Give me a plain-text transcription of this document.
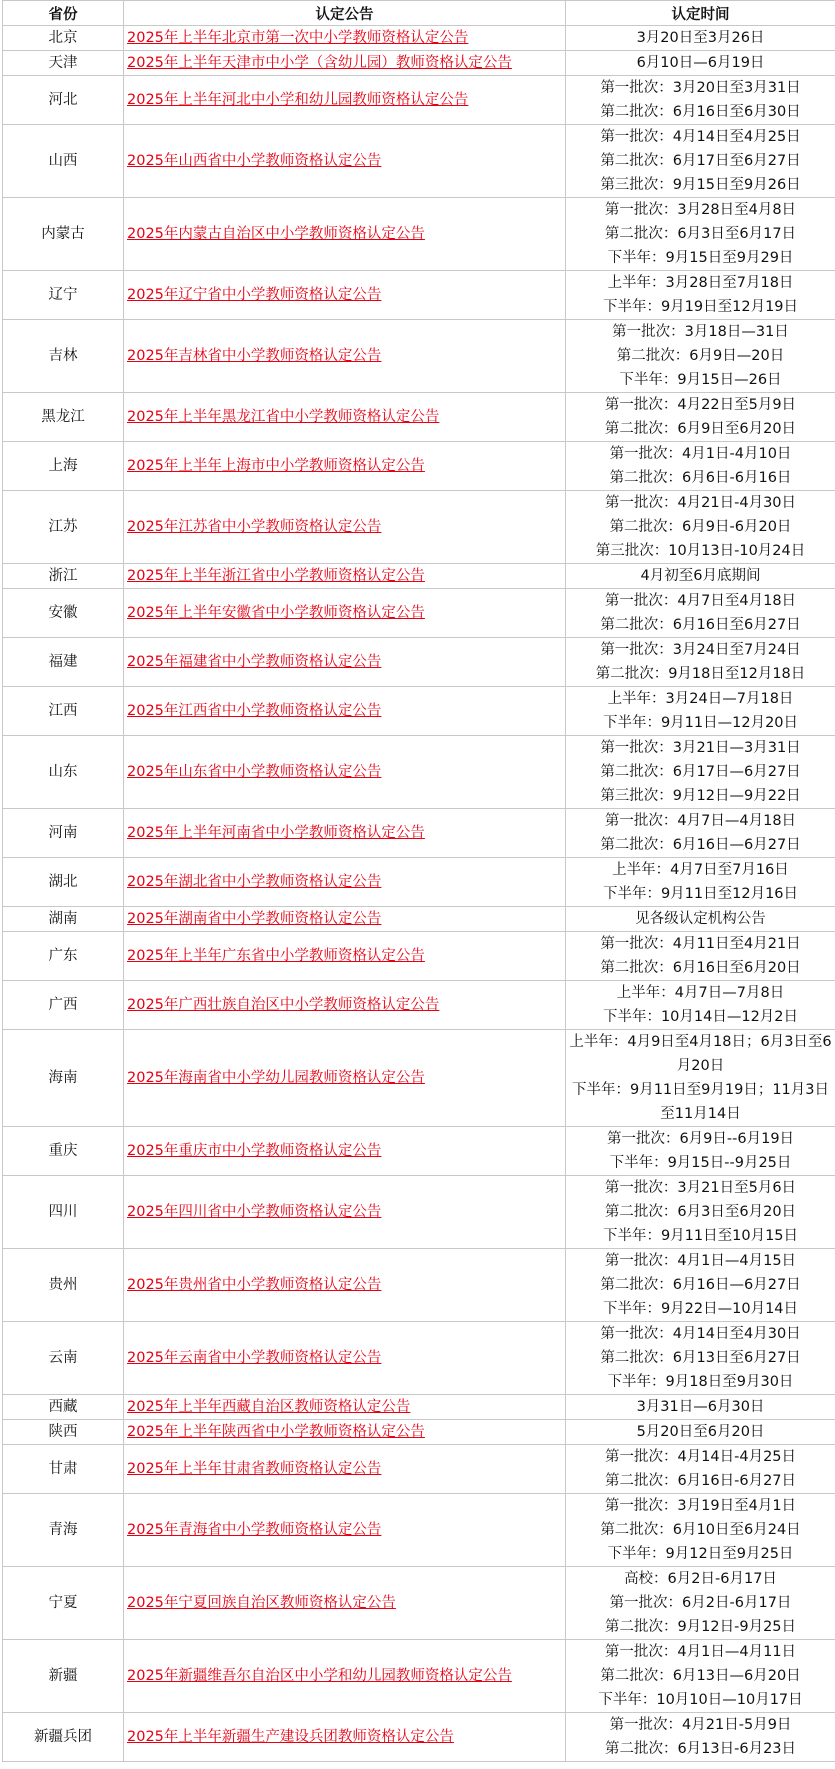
省份	认定公告	认定时间
北京	2025年上半年北京市第一次中小学教师资格认定公告	3月20日至3月26日

天津	2025年上半年天津市中小学（含幼儿园）教师资格认定公告	6月10日—6月19日

河北	2025年上半年河北中小学和幼儿园教师资格认定公告	第一批次：3月20日至3月31日
第二批次：6月16日至6月30日

山西	2025年山西省中小学教师资格认定公告	第一批次：4月14日至4月25日
第二批次：6月17日至6月27日
第三批次：9月15日至9月26日

内蒙古	2025年内蒙古自治区中小学教师资格认定公告	第一批次：3月28日至4月8日
第二批次：6月3日至6月17日
下半年：9月15日至9月29日

辽宁	2025年辽宁省中小学教师资格认定公告	上半年：3月28日至7月18日
下半年：9月19日至12月19日

吉林	2025年吉林省中小学教师资格认定公告	第一批次：3月18日—31日
第二批次：6月9日—20日
下半年：9月15日—26日

黑龙江	2025年上半年黑龙江省中小学教师资格认定公告	第一批次：4月22日至5月9日
第二批次：6月9日至6月20日

上海	2025年上半年上海市中小学教师资格认定公告	第一批次：4月1日-4月10日
第二批次：6月6日-6月16日

江苏	2025年江苏省中小学教师资格认定公告	第一批次：4月21日-4月30日
第二批次：6月9日-6月20日
第三批次：10月13日-10月24日

浙江	2025年上半年浙江省中小学教师资格认定公告	4月初至6月底期间

安徽	2025年上半年安徽省中小学教师资格认定公告	第一批次：4月7日至4月18日
第二批次：6月16日至6月27日

福建	2025年福建省中小学教师资格认定公告	第一批次：3月24日至7月24日
第二批次：9月18日至12月18日

江西	2025年江西省中小学教师资格认定公告	上半年：3月24日—7月18日
下半年：9月11日—12月20日

山东	2025年山东省中小学教师资格认定公告	第一批次：3月21日—3月31日
第二批次：6月17日—6月27日
第三批次：9月12日—9月22日

河南	2025年上半年河南省中小学教师资格认定公告	第一批次：4月7日—4月18日
第二批次：6月16日—6月27日

湖北	2025年湖北省中小学教师资格认定公告	上半年：4月7日至7月16日
下半年：9月11日至12月16日

湖南	2025年湖南省中小学教师资格认定公告	见各级认定机构公告

广东	2025年上半年广东省中小学教师资格认定公告	第一批次：4月11日至4月21日
第二批次：6月16日至6月20日

广西	2025年广西壮族自治区中小学教师资格认定公告	上半年：4月7日—7月8日
下半年：10月14日—12月2日

海南	2025年海南省中小学幼儿园教师资格认定公告	上半年：4月9日至4月18日；6月3日至6月20日
下半年：9月11日至9月19日；11月3日至11月14日

重庆	2025年重庆市中小学教师资格认定公告	第一批次：6月9日--6月19日
下半年：9月15日--9月25日

四川	2025年四川省中小学教师资格认定公告	第一批次：3月21日至5月6日
第二批次：6月3日至6月20日
下半年：9月11日至10月15日

贵州	2025年贵州省中小学教师资格认定公告	第一批次：4月1日—4月15日
第二批次：6月16日—6月27日
下半年：9月22日—10月14日

云南	2025年云南省中小学教师资格认定公告	第一批次：4月14日至4月30日
第二批次：6月13日至6月27日
下半年：9月18日至9月30日

西藏	2025年上半年西藏自治区教师资格认定公告	3月31日—6月30日

陕西	2025年上半年陕西省中小学教师资格认定公告	5月20日至6月20日

甘肃	2025年上半年甘肃省教师资格认定公告	第一批次：4月14日-4月25日
第二批次：6月16日-6月27日

青海	2025年青海省中小学教师资格认定公告	第一批次：3月19日至4月1日
第二批次：6月10日至6月24日
下半年：9月12日至9月25日

宁夏	2025年宁夏回族自治区教师资格认定公告	高校：6月2日-6月17日
第一批次：6月2日-6月17日
第二批次：9月12日-9月25日

新疆	2025年新疆维吾尔自治区中小学和幼儿园教师资格认定公告	第一批次：4月1日—4月11日
第二批次：6月13日—6月20日
下半年：10月10日—10月17日

新疆兵团	2025年上半年新疆生产建设兵团教师资格认定公告	第一批次：4月21日-5月9日
第二批次：6月13日-6月23日
